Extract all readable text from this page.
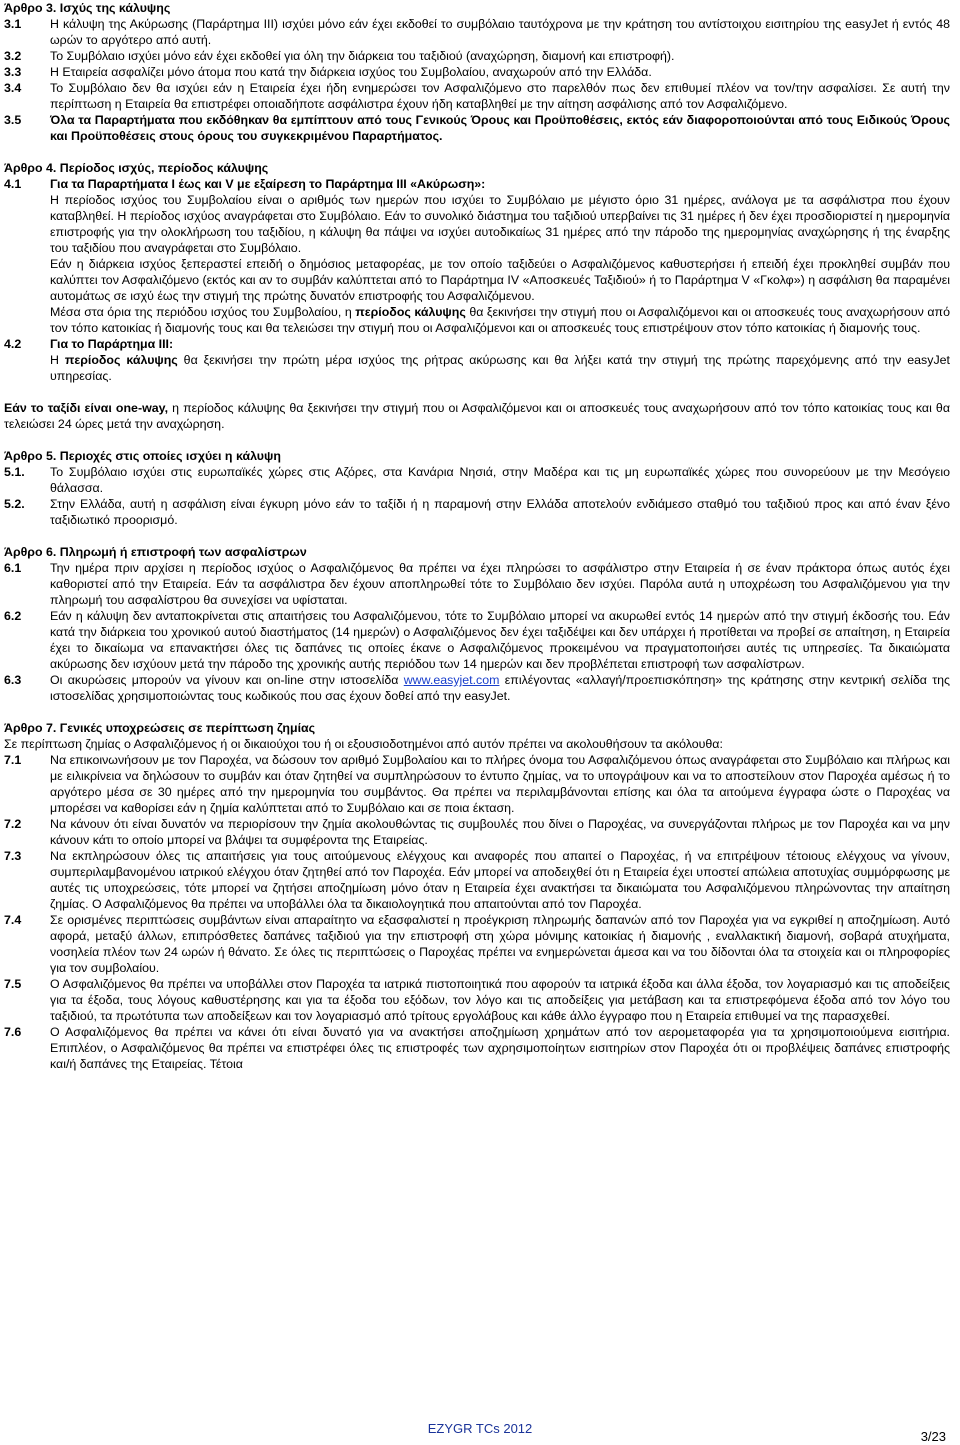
Άρθρο 3. Ισχύς της κάλυψης

3.1 Η κάλυψη της Ακύρωσης (Παράρτημα III) ισχύει μόνο εάν έχει εκδοθεί το συμβόλαιο ταυτόχρονα με την κράτηση του αντίστοιχου εισιτηρίου της easyJet ή εντός 48 ωρών το αργότερο από αυτή.
3.2 Το Συμβόλαιο ισχύει μόνο εάν έχει εκδοθεί για όλη την διάρκεια του ταξιδιού (αναχώρηση, διαμονή και επιστροφή).
3.3 Η Εταιρεία ασφαλίζει μόνο άτομα που κατά την διάρκεια ισχύος του Συμβολαίου, αναχωρούν από την Ελλάδα.
3.4 Το Συμβόλαιο δεν θα ισχύει εάν η Εταιρεία έχει ήδη ενημερώσει τον Ασφαλιζόμενο στο παρελθόν πως δεν επιθυμεί πλέον να τον/την ασφαλίσει. Σε αυτή την περίπτωση η Εταιρεία θα επιστρέφει οποιαδήποτε ασφάλιστρα έχουν ήδη καταβληθεί με την αίτηση ασφάλισης από τον Ασφαλιζόμενο.
3.5 Όλα τα Παραρτήματα που εκδόθηκαν θα εμπίπτουν από τους Γενικούς Όρους και Προϋποθέσεις, εκτός εάν διαφοροποιούνται από τους Ειδικούς Όρους και Προϋποθέσεις στους όρους του συγκεκριμένου Παραρτήματος.

Άρθρο 4. Περίοδος ισχύς, περίοδος κάλυψης

4.1 Για τα Παραρτήματα I έως και V με εξαίρεση το Παράρτημα III «Ακύρωση»:

Η περίοδος ισχύος του Συμβολαίου είναι ο αριθμός των ημερών που ισχύει το Συμβόλαιο με μέγιστο όριο 31 ημέρες, ανάλογα με τα ασφάλιστρα που έχουν καταβληθεί. Η περίοδος ισχύος αναγράφεται στο Συμβόλαιο. Εάν το συνολικό διάστημα του ταξιδιού υπερβαίνει τις 31 ημέρες ή δεν έχει προσδιοριστεί η ημερομηνία επιστροφής για την ολοκλήρωση του ταξιδίου, η κάλυψη θα πάψει να ισχύει αυτοδικαίως 31 ημέρες από την πάροδο της ημερομηνίας αναχώρησης ή της έναρξης του ταξιδίου που αναγράφεται στο Συμβόλαιο.

Εάν η διάρκεια ισχύος ξεπεραστεί επειδή ο δημόσιος μεταφορέας, με τον οποίο ταξιδεύει ο Ασφαλιζόμενος καθυστερήσει ή επειδή έχει προκληθεί συμβάν που καλύπτει τον Ασφαλιζόμενο (εκτός και αν το συμβάν καλύπτεται από το Παράρτημα IV «Αποσκευές Ταξιδιού» ή το Παράρτημα V «Γκολφ») η ασφάλιση θα παραμένει αυτομάτως σε ισχύ έως την στιγμή της πρώτης δυνατόν επιστροφής του Ασφαλιζόμενου.

Μέσα στα όρια της περιόδου ισχύος του Συμβολαίου, η περίοδος κάλυψης θα ξεκινήσει την στιγμή που οι Ασφαλιζόμενοι και οι αποσκευές τους αναχωρήσουν από τον τόπο κατοικίας ή διαμονής τους και θα τελειώσει την στιγμή που οι Ασφαλιζόμενοι και οι αποσκευές τους επιστρέψουν στον τόπο κατοικίας ή διαμονής τους.

4.2 Για το Παράρτημα III:

Η περίοδος κάλυψης θα ξεκινήσει την πρώτη μέρα ισχύος της ρήτρας ακύρωσης και θα λήξει κατά την στιγμή της πρώτης παρεχόμενης από την easyJet υπηρεσίας.

Εάν το ταξίδι είναι one-way, η περίοδος κάλυψης θα ξεκινήσει την στιγμή που οι Ασφαλιζόμενοι και οι αποσκευές τους αναχωρήσουν από τον τόπο κατοικίας τους και θα τελειώσει 24 ώρες μετά την αναχώρηση.

Άρθρο 5. Περιοχές στις οποίες ισχύει η κάλυψη

5.1. Το Συμβόλαιο ισχύει στις ευρωπαϊκές χώρες στις Αζόρες, στα Κανάρια Νησιά, στην Μαδέρα και τις μη ευρωπαϊκές χώρες που συνορεύουν με την Μεσόγειο θάλασσα.
5.2. Στην Ελλάδα, αυτή η ασφάλιση είναι έγκυρη μόνο εάν το ταξίδι ή η παραμονή στην Ελλάδα αποτελούν ενδιάμεσο σταθμό του ταξιδιού προς και από έναν ξένο ταξιδιωτικό προορισμό.

Άρθρο 6. Πληρωμή ή επιστροφή των ασφαλίστρων

6.1 Την ημέρα πριν αρχίσει η περίοδος ισχύος ο Ασφαλιζόμενος θα πρέπει να έχει πληρώσει το ασφάλιστρο στην Εταιρεία ή σε έναν πράκτορα όπως αυτός έχει καθοριστεί από την Εταιρεία. Εάν τα ασφάλιστρα δεν έχουν αποπληρωθεί τότε το Συμβόλαιο δεν ισχύει. Παρόλα αυτά η υποχρέωση του Ασφαλιζόμενου για την πληρωμή του ασφαλίστρου θα συνεχίσει να υφίσταται.
6.2 Εάν η κάλυψη δεν ανταποκρίνεται στις απαιτήσεις του Ασφαλιζόμενου, τότε το Συμβόλαιο μπορεί να ακυρωθεί εντός 14 ημερών από την στιγμή έκδοσής του. Εάν κατά την διάρκεια του χρονικού αυτού διαστήματος (14 ημερών) ο Ασφαλιζόμενος δεν έχει ταξιδέψει και δεν υπάρχει ή προτίθεται να προβεί σε απαίτηση, η Εταιρεία έχει το δικαίωμα να επανακτήσει όλες τις δαπάνες τις οποίες έκανε ο Ασφαλιζόμενος προκειμένου να πραγματοποιήσει αυτές τις υπηρεσίες. Τα δικαιώματα ακύρωσης δεν ισχύουν μετά την πάροδο της χρονικής αυτής περιόδου των 14 ημερών και δεν προβλέπεται επιστροφή των ασφαλίστρων.
6.3 Οι ακυρώσεις μπορούν να γίνουν και on-line στην ιστοσελίδα www.easyjet.com επιλέγοντας «αλλαγή/προεπισκόπηση» της κράτησης στην κεντρική σελίδα της ιστοσελίδας χρησιμοποιώντας τους κωδικούς που σας έχουν δοθεί από την easyJet.

Άρθρο 7. Γενικές υποχρεώσεις σε περίπτωση ζημίας

Σε περίπτωση ζημίας ο Ασφαλιζόμενος ή οι δικαιούχοι του ή οι εξουσιοδοτημένοι από αυτόν πρέπει να ακολουθήσουν τα ακόλουθα:

7.1 Να επικοινωνήσουν με τον Παροχέα, να δώσουν τον αριθμό Συμβολαίου και το πλήρες όνομα του Ασφαλιζόμενου όπως αναγράφεται στο Συμβόλαιο και πλήρως και με ειλικρίνεια να δηλώσουν το συμβάν και όταν ζητηθεί να συμπληρώσουν το έντυπο ζημίας, να το υπογράψουν και να το αποστείλουν στον Παροχέα αμέσως ή το αργότερο μέσα σε 30 ημέρες από την ημερομηνία του συμβάντος. Θα πρέπει να περιλαμβάνονται επίσης και όλα τα αιτούμενα έγγραφα ώστε ο Παροχέας να μπορέσει να καθορίσει εάν η ζημία καλύπτεται από το Συμβόλαιο και σε ποια έκταση.
7.2 Να κάνουν ότι είναι δυνατόν να περιορίσουν την ζημία ακολουθώντας τις συμβουλές που δίνει ο Παροχέας, να συνεργάζονται πλήρως με τον Παροχέα και να μην κάνουν κάτι το οποίο μπορεί να βλάψει τα συμφέροντα της Εταιρείας.
7.3 Να εκπληρώσουν όλες τις απαιτήσεις για τους αιτούμενους ελέγχους και αναφορές που απαιτεί ο Παροχέας, ή να επιτρέψουν τέτοιους ελέγχους να γίνουν, συμπεριλαμβανομένου ιατρικού ελέγχου όταν ζητηθεί από τον Παροχέα. Εάν μπορεί να αποδειχθεί ότι η Εταιρεία έχει υποστεί απώλεια αποτυχίας συμμόρφωσης με αυτές τις υποχρεώσεις, τότε μπορεί να ζητήσει αποζημίωση μόνο όταν η Εταιρεία έχει ανακτήσει τα δικαιώματα του Ασφαλιζόμενου πληρώνοντας την απαίτηση ζημίας. Ο Ασφαλιζόμενος θα πρέπει να υποβάλλει όλα τα δικαιολογητικά που απαιτούνται από τον Παροχέα.
7.4 Σε ορισμένες περιπτώσεις συμβάντων είναι απαραίτητο να εξασφαλιστεί η προέγκριση πληρωμής δαπανών από τον Παροχέα για να εγκριθεί η αποζημίωση. Αυτό αφορά, μεταξύ άλλων, επιπρόσθετες δαπάνες ταξιδιού για την επιστροφή στη χώρα μόνιμης κατοικίας ή διαμονής , εναλλακτική διαμονή, σοβαρά ατυχήματα, νοσηλεία πλέον των 24 ωρών ή θάνατο. Σε όλες τις περιπτώσεις ο Παροχέας πρέπει να ενημερώνεται άμεσα και να του δίδονται όλα τα στοιχεία και οι πληροφορίες για τον συμβολαίου.
7.5 Ο Ασφαλιζόμενος θα πρέπει να υποβάλλει στον Παροχέα τα ιατρικά πιστοποιητικά που αφορούν τα ιατρικά έξοδα και άλλα έξοδα, τον λογαριασμό και τις αποδείξεις για τα έξοδα, τους λόγους καθυστέρησης και για τα έξοδα του εξόδων, τον λόγο και τις αποδείξεις για μετάβαση και τα επιστρεφόμενα έξοδα από τον λόγο του ταξιδιού, τα πρωτότυπα των αποδείξεων και τον λογαριασμό από τρίτους εργολάβους και κάθε άλλο έγγραφο που η Εταιρεία επιθυμεί να της παρασχεθεί.
7.6 Ο Ασφαλιζόμενος θα πρέπει να κάνει ότι είναι δυνατό για να ανακτήσει αποζημίωση χρημάτων από τον αερομεταφορέα για τα χρησιμοποιούμενα εισιτήρια. Επιπλέον, ο Ασφαλιζόμενος θα πρέπει να επιστρέφει όλες τις επιστροφές των αχρησιμοποίητων εισιτηρίων στον Παροχέα ότι οι προβλέψεις δαπάνες επιστροφής και/ή δαπάνες της Εταιρείας. Τέτοια
EZYGR TCs 2012
3/23
